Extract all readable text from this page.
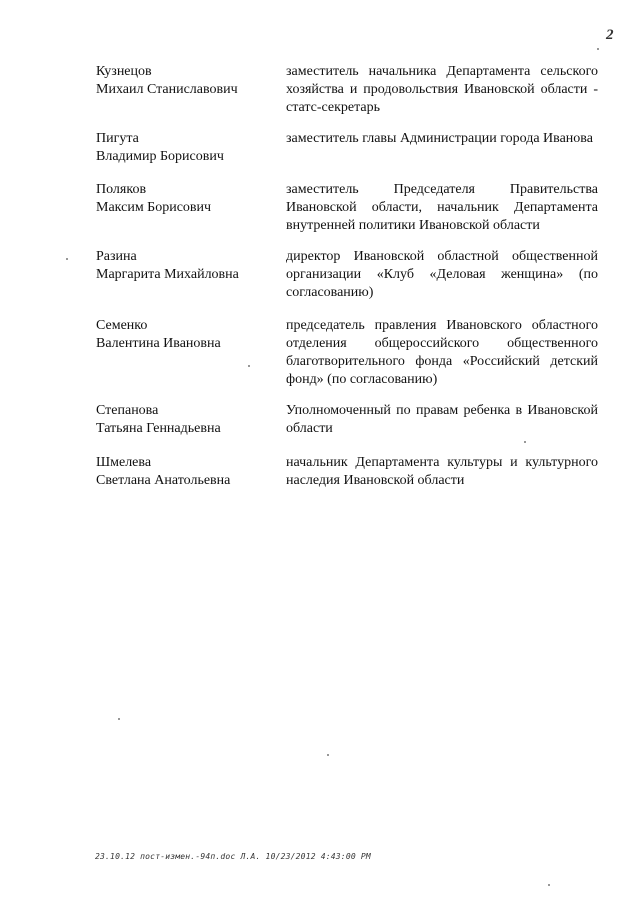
2
Кузнецов
Михаил Станиславович
заместитель начальника Департамента сельского хозяйства и продовольствия Ивановской области - статс-секретарь
Пигута
Владимир Борисович
заместитель главы Администрации города Иванова
Поляков
Максим Борисович
заместитель Председателя Правительства Ивановской области, начальник Департамента внутренней политики Ивановской области
Разина
Маргарита Михайловна
директор Ивановской областной общественной организации «Клуб «Деловая женщина» (по согласованию)
Семенко
Валентина Ивановна
председатель правления Ивановского областного отделения общероссийского общественного благотворительного фонда «Российский детский фонд» (по согласованию)
Степанова
Татьяна Геннадьевна
Уполномоченный по правам ребенка в Ивановской области
Шмелева
Светлана Анатольевна
начальник Департамента культуры и культурного наследия Ивановской области
23.10.12 пост-измен.-94п.doc Л.А. 10/23/2012 4:43:00 PM
